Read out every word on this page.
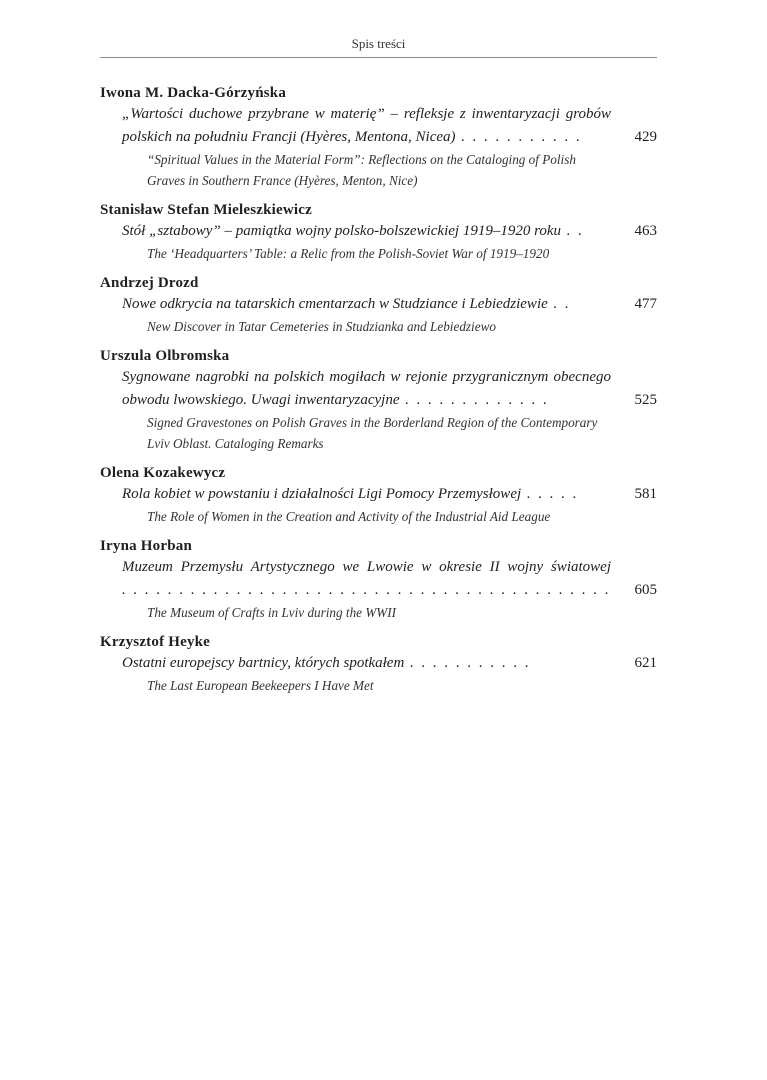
Spis treści
Iwona M. Dacka-Górzyńska
„Wartości duchowe przybrane w materię” – refleksje z inwentaryzacji grobów polskich na południu Francji (Hyères, Mentona, Nicea) . . . . . . . . . . .	429
“Spiritual Values in the Material Form”: Reflections on the Cataloging of Polish Graves in Southern France (Hyères, Menton, Nice)
Stanisław Stefan Mieleszkiewicz
Stół „sztabowy” – pamiątka wojny polsko-bolszewickiej 1919–1920 roku . .	463
The ‘Headquarters’ Table: a Relic from the Polish-Soviet War of 1919–1920
Andrzej Drozd
Nowe odkrycia na tatarskich cmentarzach w Studziance i Lebiedziewie . .	477
New Discover in Tatar Cemeteries in Studzianka and Lebiedziewo
Urszula Olbromska
Sygnowane nagrobki na polskich mogiłach w rejonie przygranicznym obecnego obwodu lwowskiego. Uwagi inwentaryzacyjne . . . . . . . . . . . . .	525
Signed Gravestones on Polish Graves in the Borderland Region of the Contemporary Lviv Oblast. Cataloging Remarks
Olena Kozakewycz
Rola kobiet w powstaniu i działalności Ligi Pomocy Przemysłowej . . . . .	581
The Role of Women in the Creation and Activity of the Industrial Aid League
Iryna Horban
Muzeum Przemysłu Artystycznego we Lwowie w okresie II wojny światowej . . . . . . . . . . . . . . . . . . . . . . . . . . . . . . . . . . . . . . . . . . . 605
The Museum of Crafts in Lviv during the WWII
Krzysztof Heyke
Ostatni europejscy bartnicy, których spotkałem . . . . . . . . . . .	621
The Last European Beekeepers I Have Met
